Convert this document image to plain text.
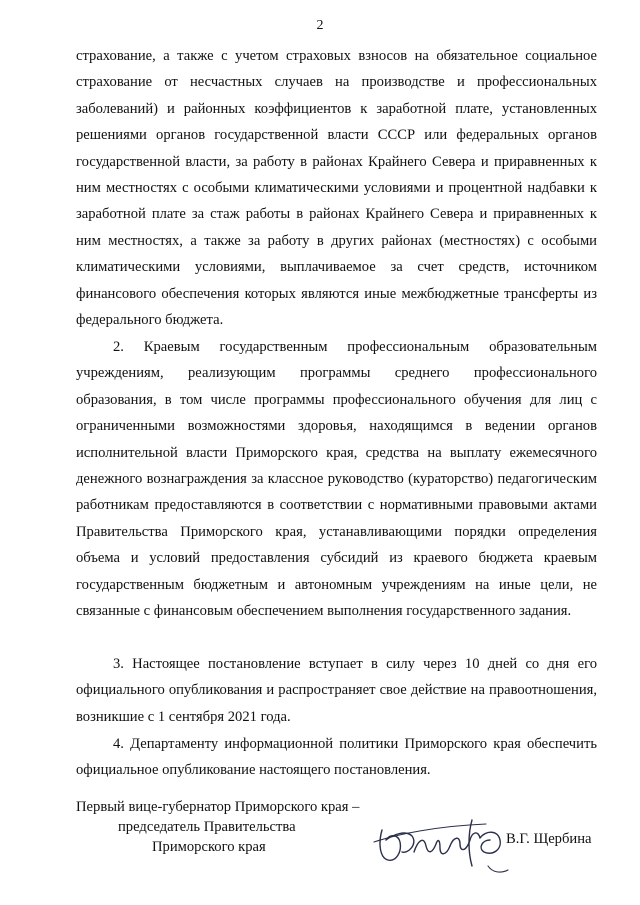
2

страхование, а также с учетом страховых взносов на обязательное социальное страхование от несчастных случаев на производстве и профессиональных заболеваний) и районных коэффициентов к заработной плате, установленных решениями органов государственной власти СССР или федеральных органов государственной власти, за работу в районах Крайнего Севера и приравненных к ним местностях с особыми климатическими условиями и процентной надбавки к заработной плате за стаж работы в районах Крайнего Севера и приравненных к ним местностях, а также за работу в других районах (местностях) с особыми климатическими условиями, выплачиваемое за счет средств, источником финансового обеспечения которых являются иные межбюджетные трансферты из федерального бюджета.

2. Краевым государственным профессиональным образовательным учреждениям, реализующим программы среднего профессионального образования, в том числе программы профессионального обучения для лиц с ограниченными возможностями здоровья, находящимся в ведении органов исполнительной власти Приморского края, средства на выплату ежемесячного денежного вознаграждения за классное руководство (кураторство) педагогическим работникам предоставляются в соответствии с нормативными правовыми актами Правительства Приморского края, устанавливающими порядки определения объема и условий предоставления субсидий из краевого бюджета краевым государственным бюджетным и автономным учреждениям на иные цели, не связанные с финансовым обеспечением выполнения государственного задания.

3. Настоящее постановление вступает в силу через 10 дней со дня его официального опубликования и распространяет свое действие на правоотношения, возникшие с 1 сентября 2021 года.

4. Департаменту информационной политики Приморского края обеспечить официальное опубликование настоящего постановления.

Первый вице-губернатор Приморского края –
председатель Правительства
Приморского края	В.Г. Щербина
